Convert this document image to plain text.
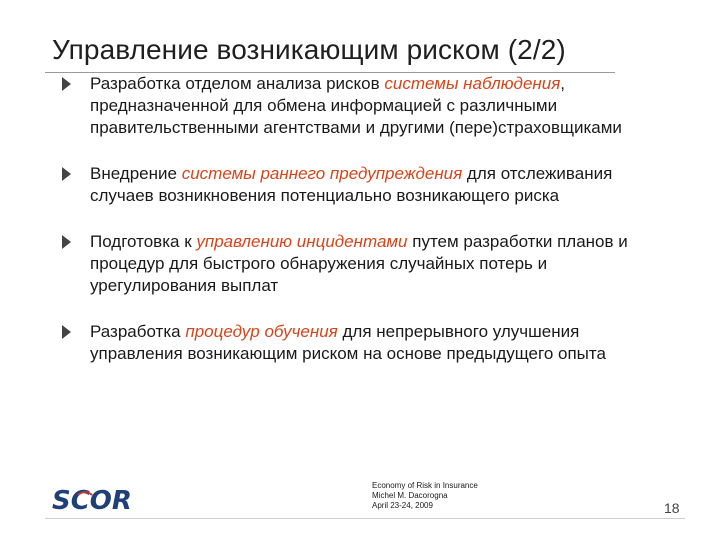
Управление возникающим риском (2/2)
Разработка отделом анализа рисков системы наблюдения, предназначенной для обмена информацией с различными правительственными агентствами и другими (пере)страховщиками
Внедрение системы раннего предупреждения для отслеживания случаев возникновения потенциально возникающего риска
Подготовка к управлению инцидентами путем разработки планов и процедур для быстрого обнаружения случайных потерь и урегулирования выплат
Разработка процедур обучения для непрерывного улучшения управления возникающим риском на основе предыдущего опыта
SCOR
Economy of Risk in Insurance
Michel M. Dacorogna
April 23-24, 2009	18
